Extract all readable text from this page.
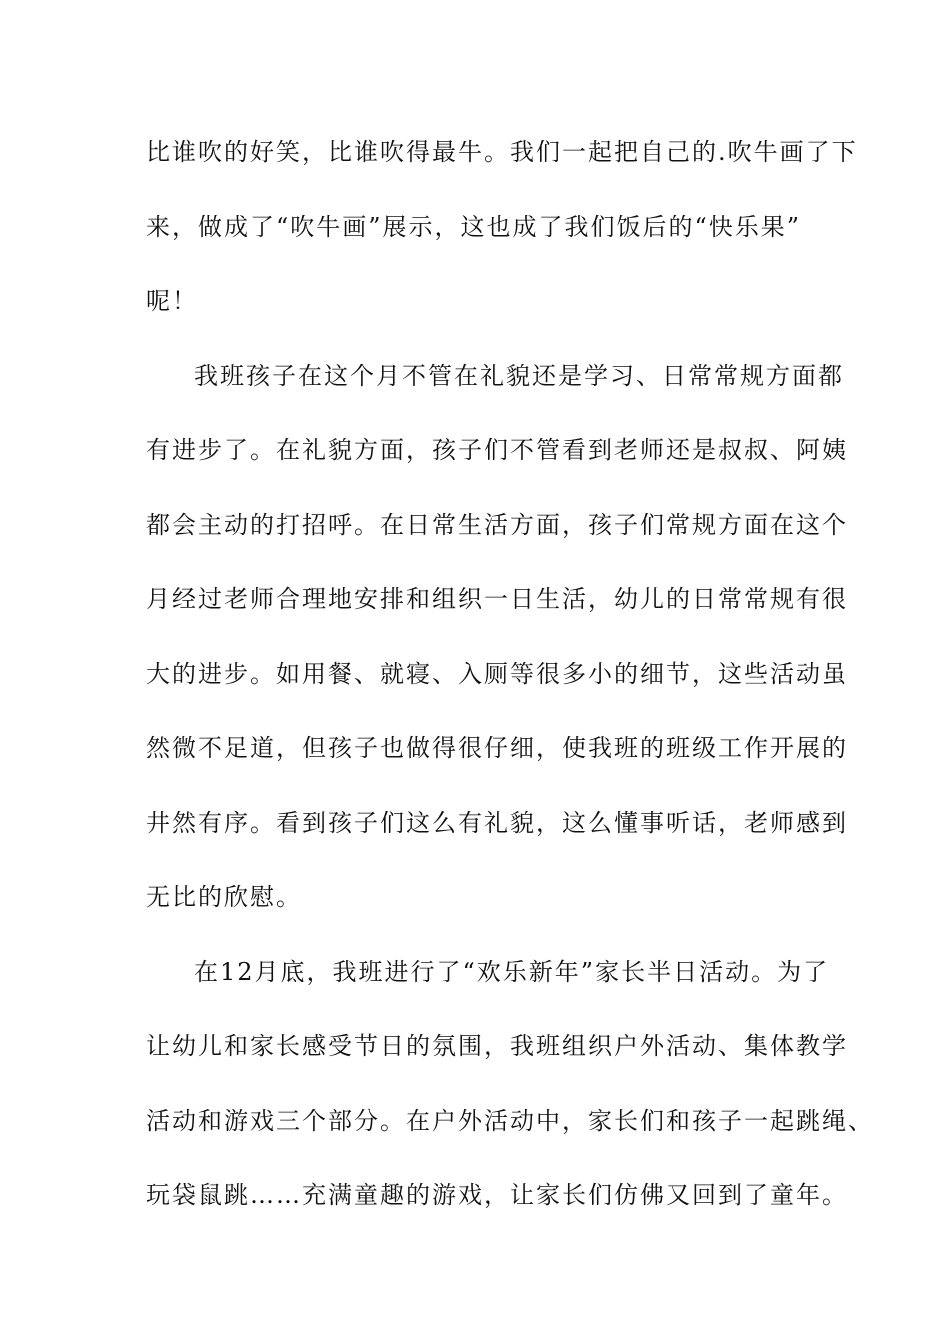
比谁吹的好笑，比谁吹得最牛。我们一起把自己的.吹牛画了下
来，做成了“吹牛画”展示，这也成了我们饭后的“快乐果”
呢！
我班孩子在这个月不管在礼貌还是学习、日常常规方面都
有进步了。在礼貌方面，孩子们不管看到老师还是叔叔、阿姨
都会主动的打招呼。在日常生活方面，孩子们常规方面在这个
月经过老师合理地安排和组织一日生活，幼儿的日常常规有很
大的进步。如用餐、就寝、入厕等很多小的细节，这些活动虽
然微不足道，但孩子也做得很仔细，使我班的班级工作开展的
井然有序。看到孩子们这么有礼貌，这么懂事听话，老师感到
无比的欣慰。
在12月底，我班进行了“欢乐新年”家长半日活动。为了
让幼儿和家长感受节日的氛围，我班组织户外活动、集体教学
活动和游戏三个部分。在户外活动中，家长们和孩子一起跳绳、
玩袋鼠跳……充满童趣的游戏，让家长们仿佛又回到了童年。
